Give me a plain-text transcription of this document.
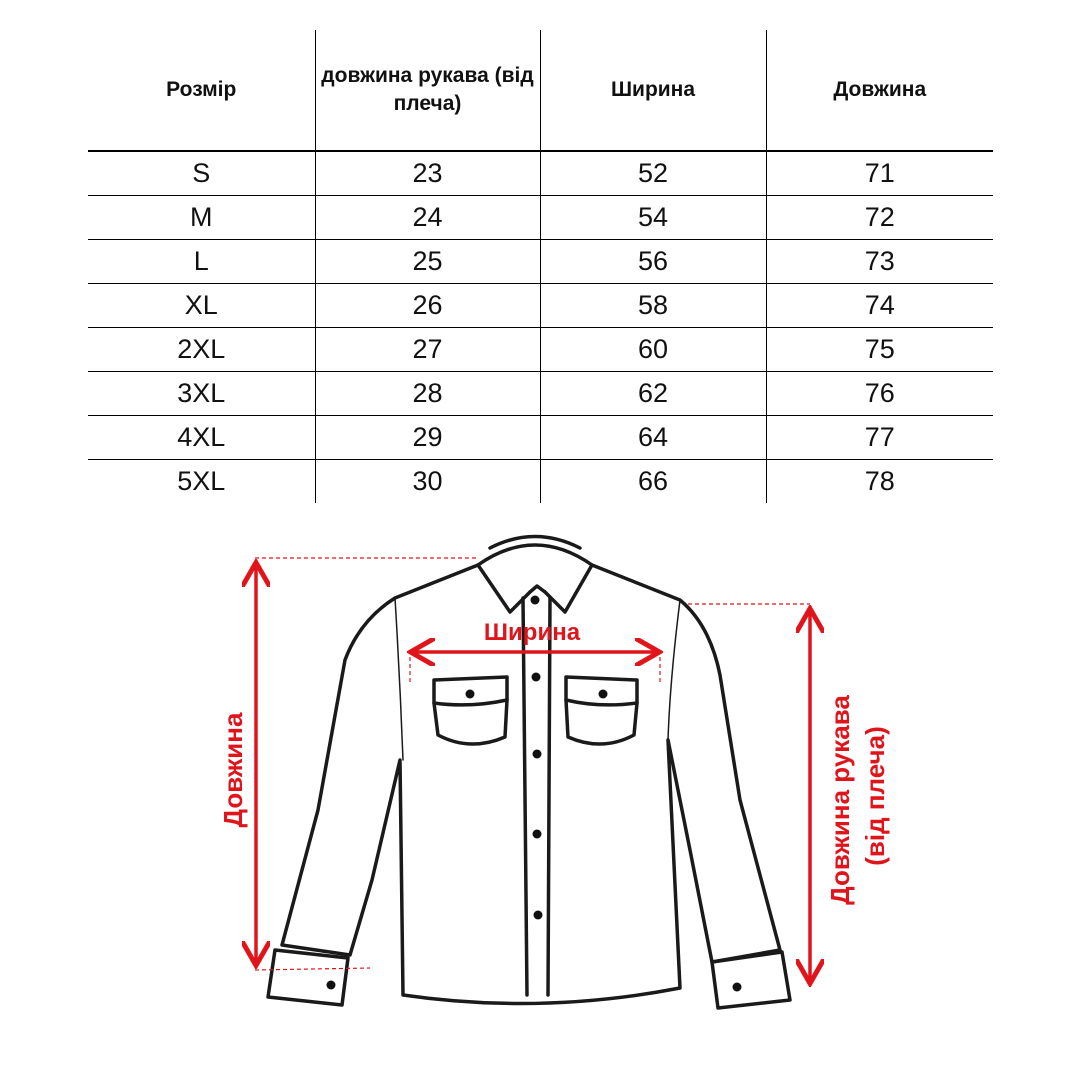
Розмір	довжина рукава (від плеча)	Ширина	Довжина
S	23	52	71
M	24	54	72
L	25	56	73
XL	26	58	74
2XL	27	60	75
3XL	28	62	76
4XL	29	64	77
5XL	30	66	78
Ширина
Довжина	Довжина рукава (від плеча)
